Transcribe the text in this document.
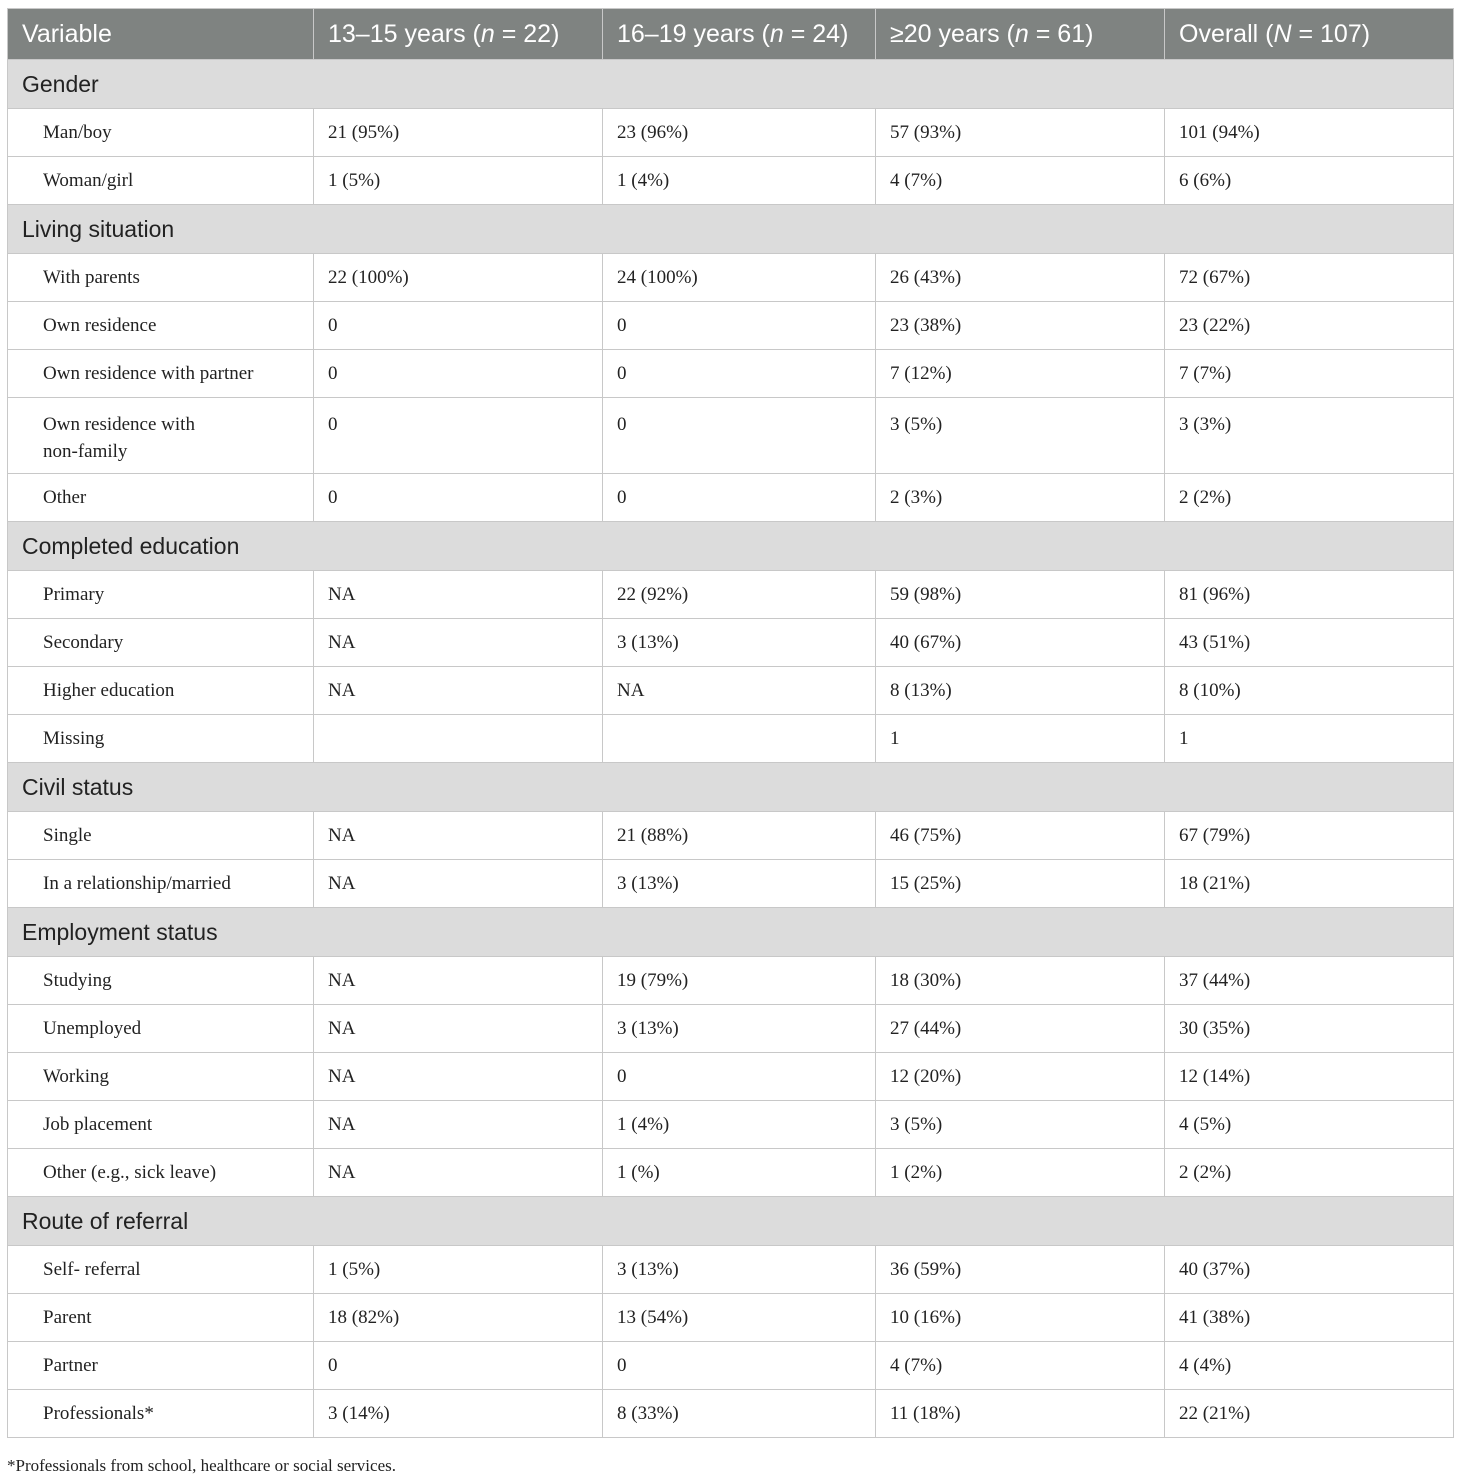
Variable	13–15 years (n = 22)	16–19 years (n = 24)	≥20 years (n = 61)	Overall (N = 107)
Gender				
Man/boy	21 (95%)	23 (96%)	57 (93%)	101 (94%)
Woman/girl	1 (5%)	1 (4%)	4 (7%)	6 (6%)
Living situation				
With parents	22 (100%)	24 (100%)	26 (43%)	72 (67%)
Own residence	0	0	23 (38%)	23 (22%)
Own residence with partner	0	0	7 (12%)	7 (7%)
Own residence with non-family	0	0	3 (5%)	3 (3%)
Other	0	0	2 (3%)	2 (2%)
Completed education				
Primary	NA	22 (92%)	59 (98%)	81 (96%)
Secondary	NA	3 (13%)	40 (67%)	43 (51%)
Higher education	NA	NA	8 (13%)	8 (10%)
Missing			1	1
Civil status				
Single	NA	21 (88%)	46 (75%)	67 (79%)
In a relationship/married	NA	3 (13%)	15 (25%)	18 (21%)
Employment status				
Studying	NA	19 (79%)	18 (30%)	37 (44%)
Unemployed	NA	3 (13%)	27 (44%)	30 (35%)
Working	NA	0	12 (20%)	12 (14%)
Job placement	NA	1 (4%)	3 (5%)	4 (5%)
Other (e.g., sick leave)	NA	1 (%)	1 (2%)	2 (2%)
Route of referral				
Self- referral	1 (5%)	3 (13%)	36 (59%)	40 (37%)
Parent	18 (82%)	13 (54%)	10 (16%)	41 (38%)
Partner	0	0	4 (7%)	4 (4%)
Professionals*	3 (14%)	8 (33%)	11 (18%)	22 (21%)
*Professionals from school, healthcare or social services.
